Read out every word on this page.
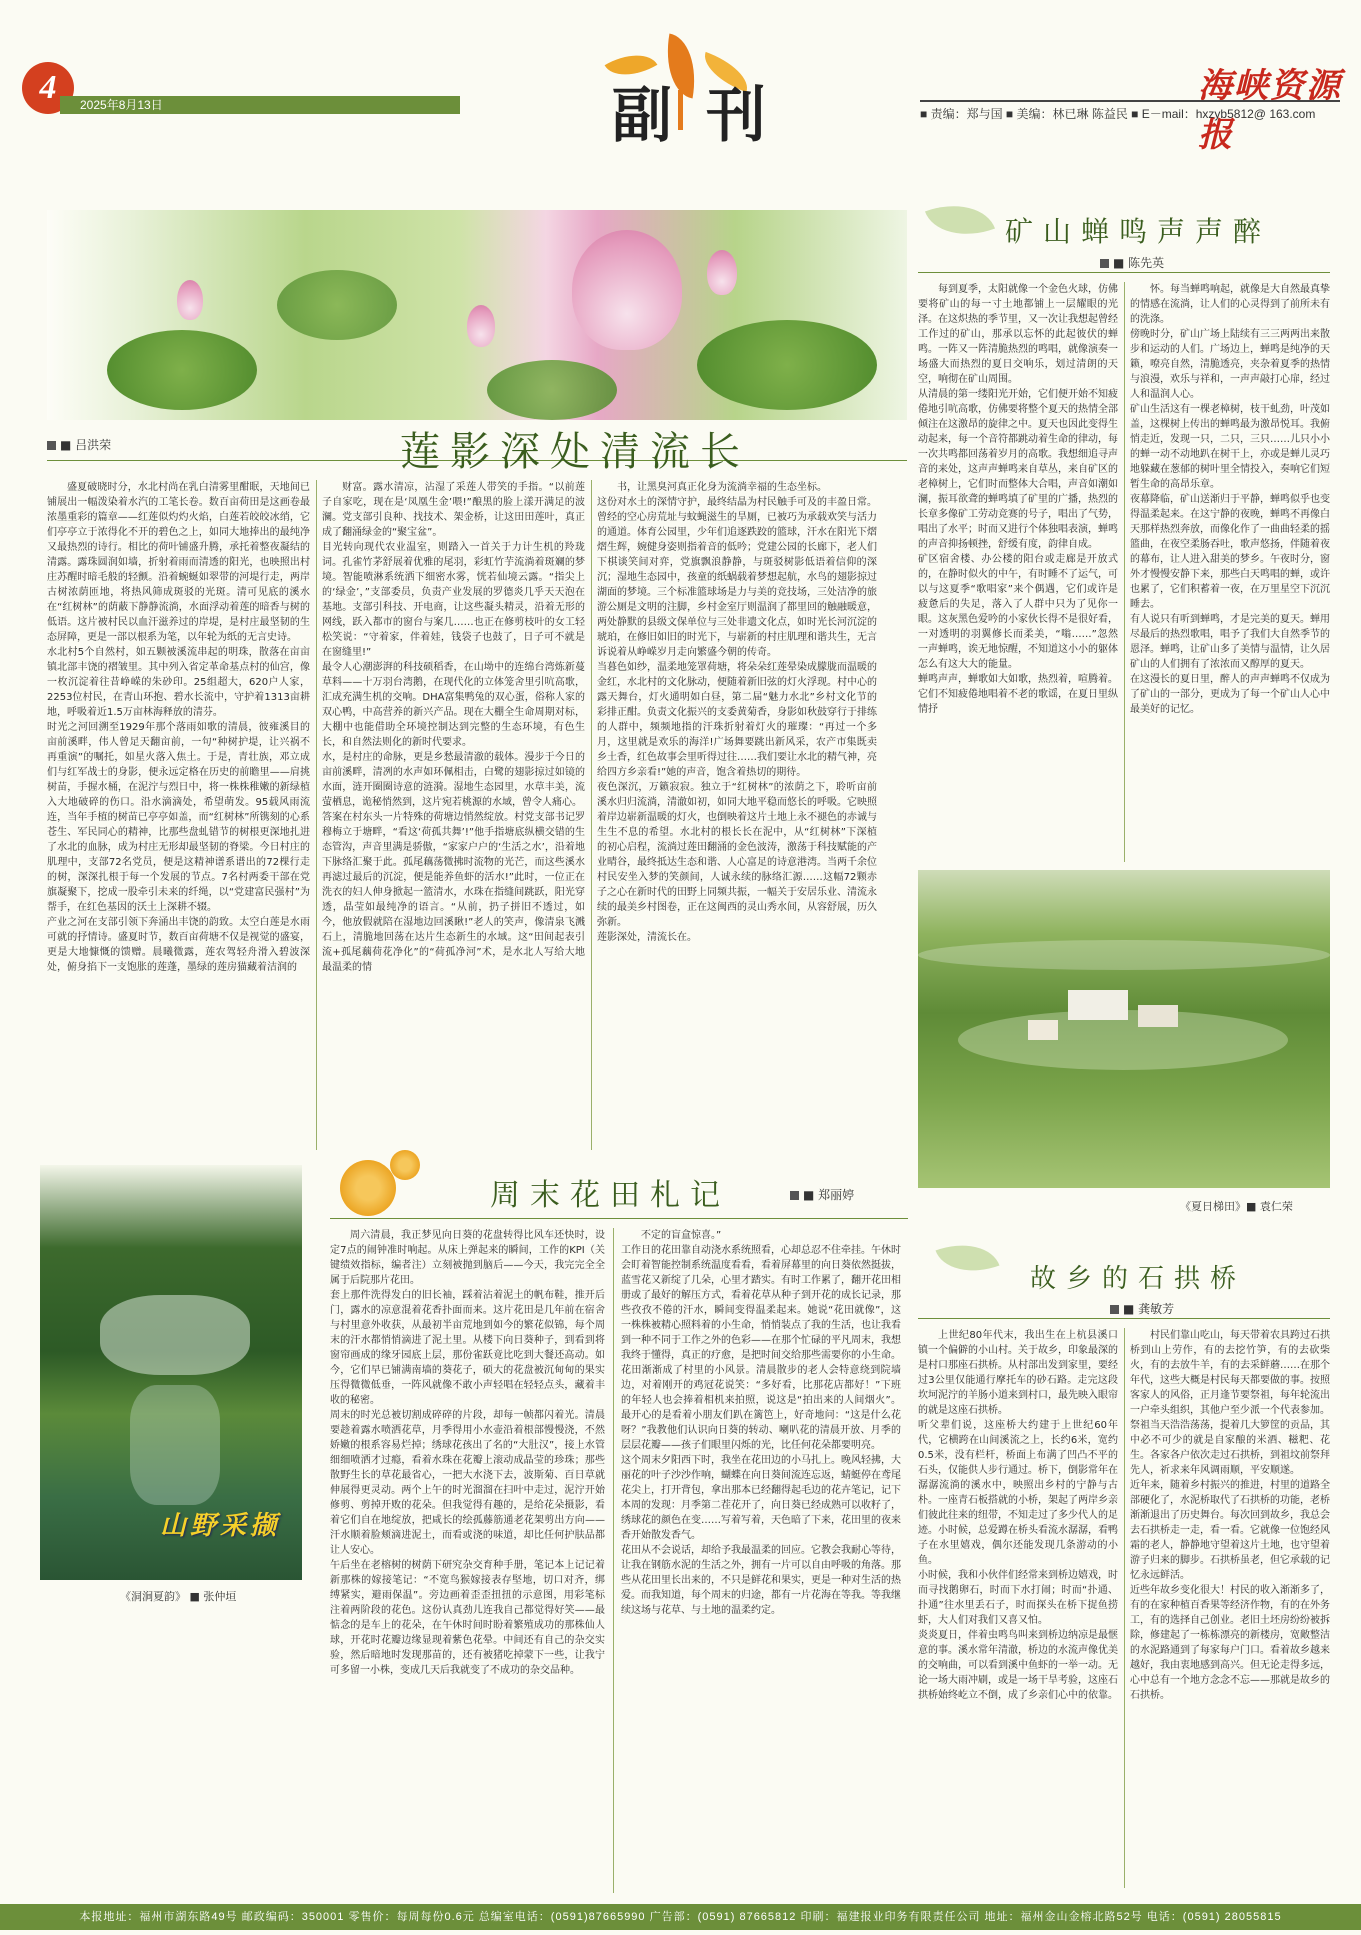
4	2025年8月13日	副刊	海峡资源报
■ 责编：郑与国 ■ 美编：林已琳 陈益民 ■ E－mail：hxzyb5812@ 163.com
■ 吕洪荣	莲影深处清流长
盛夏破晓时分，水北村尚在乳白清雾里酣眠，天地间已铺展出一幅泼染着水汽的工笔长卷。数百亩荷田是这画卷最浓墨重彩的篇章——红莲似灼灼火焰，白莲若皎皎冰绡，它们亭亭立于浓得化不开的碧色之上，如同大地捧出的最纯净又最热烈的诗行。相比的荷叶铺盛升腾，承托着整夜凝结的清露。露珠圆润如墙，折射着雨而清透的阳光，也映照出村庄苏醒时暗毛般的轻颤。沿着蜿蜒如翠带的河堤行走，两岸古树浓荫匝地，将热风筛成斑驳的光斑。清可见底的溪水在“红树林”的荫蔽下静静流淌，水面浮动着莲的暗香与树的低语。这片被村民以血汗滋养过的岸堤，是村庄最坚韧的生态屏障，更是一部以根系为笔，以年轮为纸的无言史诗。
水北村5个自然村，如五颗被溪流串起的明珠，散落在亩亩镇北部丰饶的褶皱里。其中列入省定革命基点村的仙宫，像一枚沉淀着往昔峥嵘的朱砂印。25组超大，620户人家，2253位村民，在青山环抱、碧水长流中，守护着1313亩耕地，呼吸着近1.5万亩林海释放的清芬。
时光之河回溯至1929年那个落雨如歌的清晨，彼雍溪目的亩前溪畔，伟人曾足天翻亩前，一句“种树护堤，让兴祸不再重演”的嘱托，如星火落入焦土。于是，青壮族，邓立成们与红军战士的身影，便永远定格在历史的前瞻里——肩挑树苗，手握水桶，在泥泞与烈日中，将一株株稚嫩的新绿植入大地破碎的伤口。沿水滴滴处，希望萌发。95载风雨流连，当年手植的树苗已亭亭如盖，而“红树林”所镌刻的心系苍生、军民同心的精神，比那些盘虬错节的树根更深地扎进了水北的血脉，成为村庄无形却最坚韧的脊梁。今日村庄的肌理中，支部72名党员，便是这精神谱系谱出的72棵行走的树，深深扎根于每一个发展的节点。7名村两委干部在党旗凝聚下，挖成一股牵引未来的纤绳，以“党建富民强村”为帮手，在红色基因的沃土上深耕不辍。
产业之河在支部引领下奔涌出丰饶的韵致。太空白莲是水雨可就的抒情诗。盛夏时节，数百亩荷塘不仅是视觉的盛宴，更是大地慷慨的馈赠。晨曦微露，莲农驾轻舟滑入碧波深处，俯身掐下一支饱胀的莲蓬，墨绿的莲房猫藏着洁润的
财富。露水清凉，沾湿了采莲人带笑的手指。“以前莲子自家吃，现在是‘凤凰生金’喂!”酿黑的脸上漾开满足的波澜。党支部引良种、找技术、架金桥，让这田田莲叶，真正成了翻涌绿金的“聚宝盆”。
目光转向现代农业温室，则踏入一首关于力计生机的羚珑词。孔雀竹茅舒展着优雅的尾羽，彩虹竹芋流淌着斑斓的梦境。智能喷淋系统洒下细密水雾，恍若仙境云露。“指尖上的‘绿金’，”支部委员，负责产业发展的罗德炎几乎天天泡在基地。支部引科技、开电商，让这些凝头精灵，沿着无形的网线，跃入都市的窗台与案几……也正在修剪枝叶的女工轻松笑说：“守着家，伴着娃，钱袋子也鼓了，日子可不就是在窗缝里!”
最令人心潮澎湃的科技硕稻香，在山坳中的连绵台湾炼新蔓草料——十万羽台湾鹅，在现代化的立体笼舍里引吭高歌，汇成充满生机的交响。DHA富集鸭兔的双心蛋，俗称人家的双心鸭，中高营养的新兴产品。现在大棚全生命周期对标，大棚中也能借助全环境控制达到完整的生态环境，有色生长，和自然法则化的新时代要求。
水，是村庄的命脉，更是乡愁最清澈的载体。漫步于今日的亩前溪畔，清冽的水声如环佩相击，白鹭的翅影掠过如镜的水面，涟开圈圈诗意的涟漪。湿地生态园里，水草丰美，流萤栖息，诡秘悄然到，这片宛若桃源的水域，曾令人痛心。
答案在村东头一片特殊的荷塘边悄然绽放。村党支部书记罗穆梅立于塘畔，“看这‘荷孤共舞’!”他手指塘底纵横交错的生态管沟，声音里满是骄傲，“家家户户的‘生活之水’，沿着地下脉络汇聚于此。孤尾藕荡微拂时流物的光芒，而这些溪水再滤过最后的沉淀，便是能养鱼虾的活水!”此时，一位正在洗衣的妇人伸身掀起一篮清水，水珠在指缝间跳跃，阳光穿透，晶莹如最纯净的语言。“从前，扔子拼旧不透过，如今，他放假就陪在湿地边回溪瞅!”老人的笑声，像清泉飞溅石上，清脆地回荡在达片生态新生的水域。这“田间起表引流+孤尾藕荷花净化”的“荷孤净河”术，是水北人写给大地最温柔的情
书，让黑臭河真正化身为流淌幸福的生态坐标。
这份对水土的深情守护，最终结晶为村民触手可及的丰盈日常。曾经的空心房荒址与蚊蝇滋生的旱厕，已被巧为承载欢笑与活力的通道。体育公园里，少年们追逐跌跤的篮球，汗水在阳光下熠熠生辉，婉健身姿则指着音的低吟；党建公园的长廊下，老人们下棋谈笑间对弈，党旗飘浪静静，与斑驳树影低语着信仰的深沉；湿地生态园中，孩童的纸蜗载着梦想起航，水鸟的翅影掠过湖面的梦境。三个标准篮球场是力与美的竞技场，三处洁净的旅游公厕是文明的注脚，乡村金室厅则温润了都里回的触融暖意，两处静默的县级文保单位与三处非遗文化点，如时光长河沉淀的琥珀，在修旧如旧的时光下，与崭新的村庄肌理和谐共生，无言诉说着从峥嵘岁月走向繁盛今朝的传奇。
当暮色如纱，温柔地笼罩荷塘，将朵朵红莲晕染成朦胧而温暖的金红，水北村的文化脉动，便随着新旧弦的灯火浮现。村中心的露天舞台，灯火通明如白昼，第二届“魅力水北”乡村文化节的彩排正酣。负责文化振兴的支委黄菊香，身影如秋鼓穿行于排练的人群中，频频地指的汗珠折射着灯火的璀璨：“再过一个多月，这里就是欢乐的海洋!广场舞要跳出新风采，农产市集既卖乡土香，红色故事会里听得过往……我们要让水北的精气神，亮给四方乡亲看!”她的声音，饱含着热切的期待。
夜色深沉，万籁寂寂。独立于“红树林”的浓荫之下，聆听亩前溪水归归流淌，清澈如初，如同大地平稳而悠长的呼吸。它映照着岸边崭新温暖的灯火，也倒映着这片土地上永不褪色的赤诚与生生不息的希望。水北村的根长长在泥中，从“红树林”下深植的初心启程，流淌过莲田翻涌的金色波涛，激荡于科技赋能的产业晴谷，最终抵达生态和谐、人心富足的诗意港湾。当两千余位村民安坐入梦的笑颜间，人诚永续的脉络汇源……这幅72颗赤子之心在新时代的田野上同频共振，一幅关于安居乐业、清流永续的最美乡村图卷，正在这闽西的灵山秀水间，从容舒展，历久弥新。
莲影深处，清流长在。
矿山蝉鸣声声醉
■ 陈先英
每到夏季，太阳就像一个金色火球，仿佛要将矿山的每一寸土地都铺上一层耀眼的光泽。在这炽热的季节里，又一次让我想起曾经工作过的矿山，那承以忘怀的此起彼伏的蝉鸣。一阵又一阵清脆热烈的鸣唱，就像演奏一场盛大而热烈的夏日交响乐，划过清朗的天空，响彻在矿山周围。
从清晨的第一缕阳光开始，它们便开始不知疲倦地引吭高歌，仿佛要将整个夏天的热情全部倾注在这激昂的旋律之中。夏天也因此变得生动起来，每一个音符都跳动着生命的律动，每一次共鸣都回荡着岁月的高歌。我想细追寻声音的来处，这声声蝉鸣来自草丛，来自矿区的老樟树上，它们时而整体大合唱，声音如潮如澜，振耳欲聋的蝉鸣填了矿里的广播，热烈的长章多像矿工劳动竞赛的号子，唱出了气势，唱出了水平；时而又进行个体独唱表演，蝉鸣的声音抑扬顿挫，舒缓有度，韵律自成。
矿区宿舍楼、办公楼的阳台或走廊是开放式的，在静时似火的中午，有时睡不了运气，可以与这夏季“歌唱家”来个偶遇，它们或许是疲惫后的失足，落入了人群中只为了见你一眼。这灰黑色爱吟的小家伙长得不是很好看，一对透明的羽翼修长而柔美，“嗡……”忽然一声蝉鸣，诶无地惊醒，不知道这小小的躯体怎么有这大大的能量。
蝉鸣声声，蝉歌如大如歌，热烈着，喧腾着。它们不知疲倦地唱着不老的歌谣，在夏日里纵情抒
怀。每当蝉鸣响起，就像是大自然最真挚的情感在流淌，让人们的心灵得到了前所未有的洗涤。
傍晚时分，矿山广场上陆续有三三两两出来散步和运动的人们。广场边上，蝉鸣是纯净的天籁，嘹亮自然，清脆透亮，夹杂着夏季的热情与浪漫，欢乐与祥和，一声声敲打心扉，经过人和温润人心。
矿山生活这有一棵老樟树，枝干虬劲，叶茂如盖，这棵树上传出的蝉鸣最为激昂悦耳。我俯悄走近，发现一只，二只，三只……儿只小小的蝉一动不动地趴在树干上，亦或是蝉儿灵巧地躲藏在葱郁的树叶里全情投入，奏响它们短暂生命的高昂乐章。
夜幕降临，矿山送渐归于平静，蝉鸣似乎也变得温柔起来。在这宁静的夜晚，蝉鸣不再像白天那样热烈奔放，而像化作了一曲曲轻柔的摇篮曲，在夜空柔肠吞吐，歌声悠扬，伴随着夜的幕布，让人进入甜美的梦乡。午夜时分，窗外才慢慢安静下来，那些白天鸣唱的蝉，或许也累了，它们积蓄着一夜，在万里星空下沉沉睡去。
有人说只有听到蝉鸣，才是完美的夏天。蝉用尽最后的热烈歌唱，唱予了我们大自然季节的恩泽。蝉鸣，让矿山多了美情与温情，让久居矿山的人们拥有了浓浓而又醇厚的夏天。
在这漫长的夏日里，醉人的声声蝉鸣不仅成为了矿山的一部分，更成为了每一个矿山人心中最美好的记忆。
《夏日梯田》■ 袁仁荣
故乡的石拱桥
■ 龚敏芳
上世纪80年代末，我出生在上杭县溪口镇一个偏僻的小山村。关于故乡，印象最深的是村口那座石拱桥。从村部出发到家里，要经过3公里仅能通行摩托车的砂石路。走完这段坎坷泥泞的羊肠小道来到村口，最先映入眼帘的就是这座石拱桥。
听父辈们说，这座桥大约建于上世纪60年代，它横跨在山间溪流之上，长约6米，宽约0.5米，没有栏杆，桥面上布满了凹凸不平的石头，仅能供人步行通过。桥下，倒影常年在潺潺流淌的溪水中，映照出乡村的宁静与古朴。一座青石板搭就的小桥，架起了两岸乡亲们彼此往来的纽带，不知走过了多少代人的足迹。小时候，总爱蹲在桥头看流水潺潺，看鸭子在水里嬉戏，偶尔还能发现几条游动的小鱼。
小时候，我和小伙伴们经常来到桥边嬉戏，时而寻找鹅卵石，时而下水打闹；时而“扑通、扑通”往水里丢石子，时而探头在桥下捉鱼捞虾，大人们对我们又喜又怕。
炎炎夏日，伴着虫鸣鸟叫来到桥边纳凉是最惬意的事。溪水常年清澈，桥边的水流声像优美的交响曲，可以看到溪中鱼虾的一举一动。无论一场大雨冲刷，或是一场干旱考验，这座石拱桥始终屹立不倒，成了乡亲们心中的依靠。
村民们靠山吃山，每天带着农具跨过石拱桥到山上劳作，有的去挖竹笋，有的去砍柴火，有的去放牛羊，有的去采鲜蘑……在那个年代，这些大概是村民每天都要做的事。按照客家人的风俗，正月逢节要祭祖，每年轮流出一户牵头组织，其他户至少派一个代表参加。祭祖当天浩浩荡荡，提着几大箩筐的贡品，其中必不可少的就是自家酿的米酒、糍粑、花生。各家各户依次走过石拱桥，到祖坟前祭拜先人，祈求来年风调雨顺，平安顺遂。
近年来，随着乡村振兴的推进，村里的道路全部硬化了，水泥桥取代了石拱桥的功能，老桥渐渐退出了历史舞台。每次回到故乡，我总会去石拱桥走一走，看一看。它就像一位饱经风霜的老人，静静地守望着这片土地，也守望着游子归来的脚步。石拱桥虽老，但它承载的记忆永远鲜活。
近些年故乡变化很大！村民的收入渐渐多了，有的在家种植百香果等经济作物，有的在外务工，有的选择自己创业。老旧土坯房纷纷被拆除，修建起了一栋栋漂亮的新楼房，宽敞整洁的水泥路通到了每家每户门口。看着故乡越来越好，我由衷地感到高兴。但无论走得多远，心中总有一个地方念念不忘——那就是故乡的石拱桥。
山野采撷
《洞涧夏韵》 ■ 张仲垣
周末花田札记	■ 郑丽婷
周六清晨，我正梦见向日葵的花盘转得比风车还快时，设定7点的闹钟准时响起。从床上弹起来的瞬间，工作的KPI（关键绩效指标，编者注）立刻被抛到脑后——今天，我完完全全属于后院那片花田。
套上那件洗得发白的旧长袖，踩着沾着泥土的帆布鞋，推开后门，露水的凉意混着花香扑面而来。这片花田是几年前在宿舍与村里意外收获，从最初半亩荒地到如今的繁花似锦，每个周末的汗水都悄悄滴进了泥土里。从楼下向日葵种子，到看到将窗帘画成的缘牙园底上层，那份雀跃竟比吃到大餐还高动。如今，它们早已铺满南墙的葵花子，硕大的花盘被沉甸甸的果实压得微微低垂，一阵风就像不敢小声轻唱在轻轻点头，藏着丰收的秘密。
周末的时光总被切割成碎碎的片段，却每一帧都闪着光。清晨要趁着露水喷洒花草，月季得用小水壶沿着根部慢慢浇，不然娇嫩的根系容易烂掉；绣球花孩出了名的“大肚汉”，接上水管细细喷洒才过瘾，看着水珠在花瓣上滚动成晶莹的珍珠；那些散野生长的草花最省心，一把大水浇下去，波斯菊、百日草就伸展得更灵动。两个上午的时光溜溜在扫叶中走过，泥泞开始修剪、剪掉开败的花朵。但我觉得有趣的，是给花朵摄影，看着它们自在地绽放，把咸长的绘孤藤筋通老花架剪出方向——汗水顺着脸颊滴进泥土，而看或浇的味道，却比任何护肤品都让人安心。
午后坐在老榕树的树荫下研究杂交育种手册，笔记本上记记着新那株的嫁接笔记：“不宽鸟猴嫁接表存堅地，切口对齐，绑缚紧实，避雨保温”。旁边画着歪歪扭扭的示意图，用彩笔标注着两阶段的花色。这份认真劲儿连我自己都觉得好笑——最惦念的是车上的花朵，在午休时间时盼着繁殖成功的那株仙人球，开花时花瓣边缘显现着紫色花晕。中间还有自己的杂交实验，然后暗地时发现那苗的，还有被猪吃掉蒙下一些，让我宁可多留一小株，变成几天后我就变了不成功的杂交品种。
不定的盲盒惊喜。”
工作日的花田靠自动浇水系统照看，心却总忍不住牵挂。午休时会盯着智能控制系统温度看看，看着屏幕里的向日葵依然挺拔，蓝雪花又新绽了几朵，心里才踏实。有时工作累了，翻开花田相册或了最好的解压方式，看着花草从种子到开花的成长记录，那些孜孜不倦的汗水，瞬间变得温柔起来。她说“花田就像”，这一株株被精心照料着的小生命，悄悄装点了我的生活，也让我看到一种不同于工作之外的色彩——在那个忙碌的平凡周末，我想我终于懂得，真正的疗愈，是把时间交给那些需要你的小生命。
花田渐渐成了村里的小风景。清晨散步的老人会特意绕到院墙边，对着刚开的鸡冠花说笑：“多好看，比那花店都好！”下班的年轻人也会捧着相机来拍照，说这是“拍出来的人间烟火”。最开心的是看着小朋友们趴在篱笆上，好奇地问：“这是什么花呀？”我教他们认识向日葵的转动、喇叭花的清晨开放、月季的层层花瓣——孩子们眼里闪烁的光，比任何花朵都要明亮。
这个周末夕阳西下时，我坐在花田边的小马扎上。晚风轻拂，大丽花的叶子沙沙作响，蝴蝶在向日葵间流连忘返，蜻蜓停在鸢尾花尖上，打开背包，拿出那本已经翻得起毛边的花卉笔记，记下本周的发现：月季第二茬花开了，向日葵已经成熟可以收籽了，绣球花的颜色在变……写着写着，天色暗了下来，花田里的夜来香开始散发香气。
花田从不会说话，却给予我最温柔的回应。它教会我耐心等待，让我在钢筋水泥的生活之外，拥有一片可以自由呼吸的角落。那些从花田里长出来的，不只是鲜花和果实，更是一种对生活的热爱。而我知道，每个周末的归途，都有一片花海在等我。等我继续这场与花草、与土地的温柔约定。
本报地址：福州市湖东路49号 邮政编码：350001 零售价：每周每份0.6元 总编室电话：(0591)87665990 广告部：(0591) 87665812 印刷：福建报业印务有限责任公司 地址：福州金山金榕北路52号 电话：(0591) 28055815
